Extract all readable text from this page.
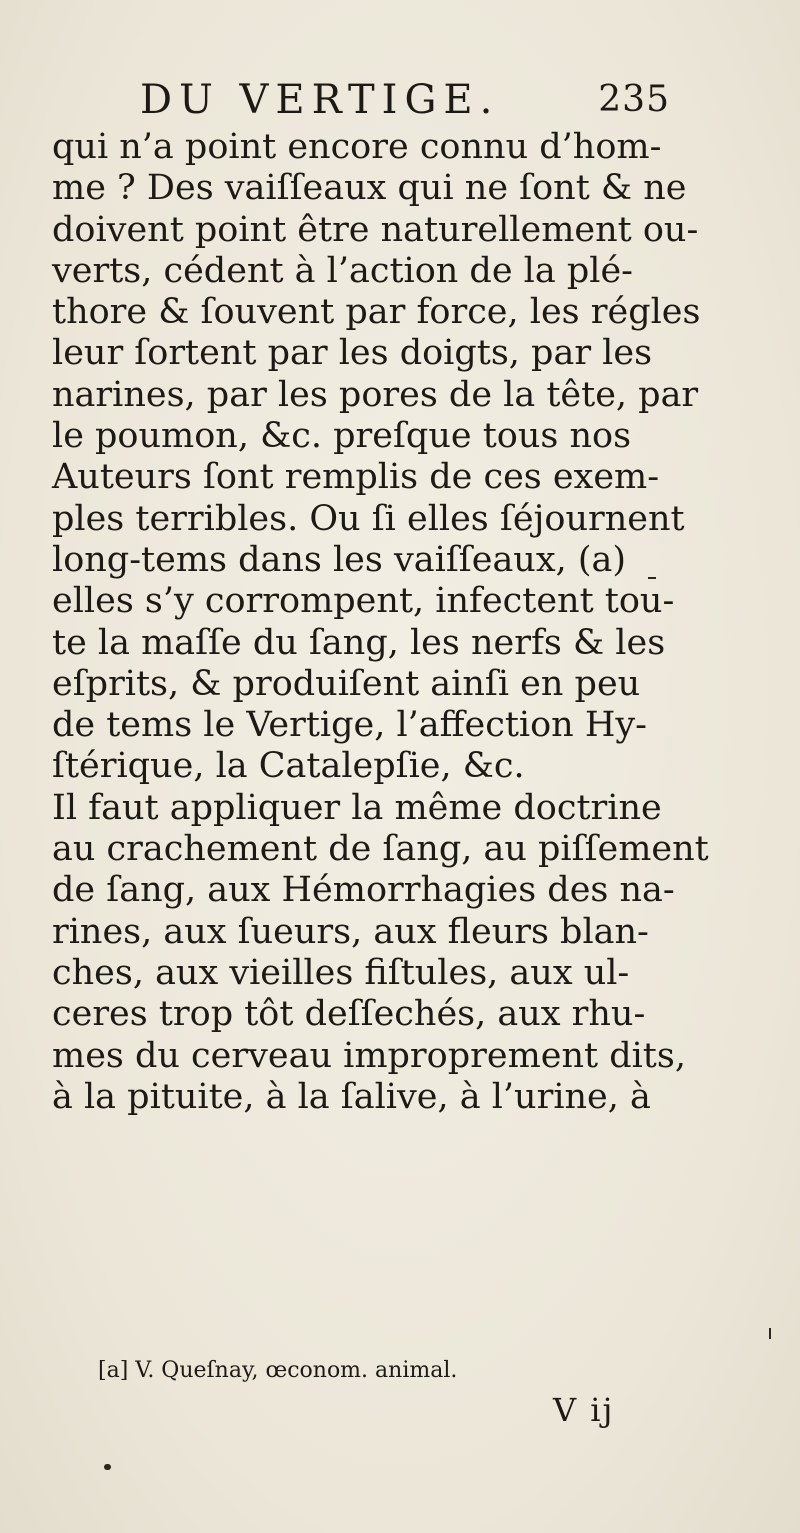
DU VERTIGE.	235
qui n’a point encore connu d’hom-
me ? Des vaiſſeaux qui ne ſont & ne
doivent point être naturellement ou-
verts, cédent à l’action de la plé-
thore & ſouvent par force, les régles
leur ſortent par les doigts, par les
narines, par les pores de la tête, par
le poumon, &c. preſque tous nos
Auteurs ſont remplis de ces exem-
ples terribles. Ou ſi elles ſéjournent
long-tems dans les vaiſſeaux, (a)
elles s’y corrompent, infectent tou-
te la maſſe du ſang, les nerfs & les
eſprits, & produiſent ainſi en peu
de tems le Vertige, l’affection Hy-
ſtérique, la Catalepſie, &c.
Il faut appliquer la même doctrine
au crachement de ſang, au piſſement
de ſang, aux Hémorrhagies des na-
rines, aux ſueurs, aux fleurs blan-
ches, aux vieilles fiſtules, aux ul-
ceres trop tôt deſſechés, aux rhu-
mes du cerveau improprement dits,
à la pituite, à la ſalive, à l’urine, à
[a] V. Queſnay, œconom. animal.
V ij
